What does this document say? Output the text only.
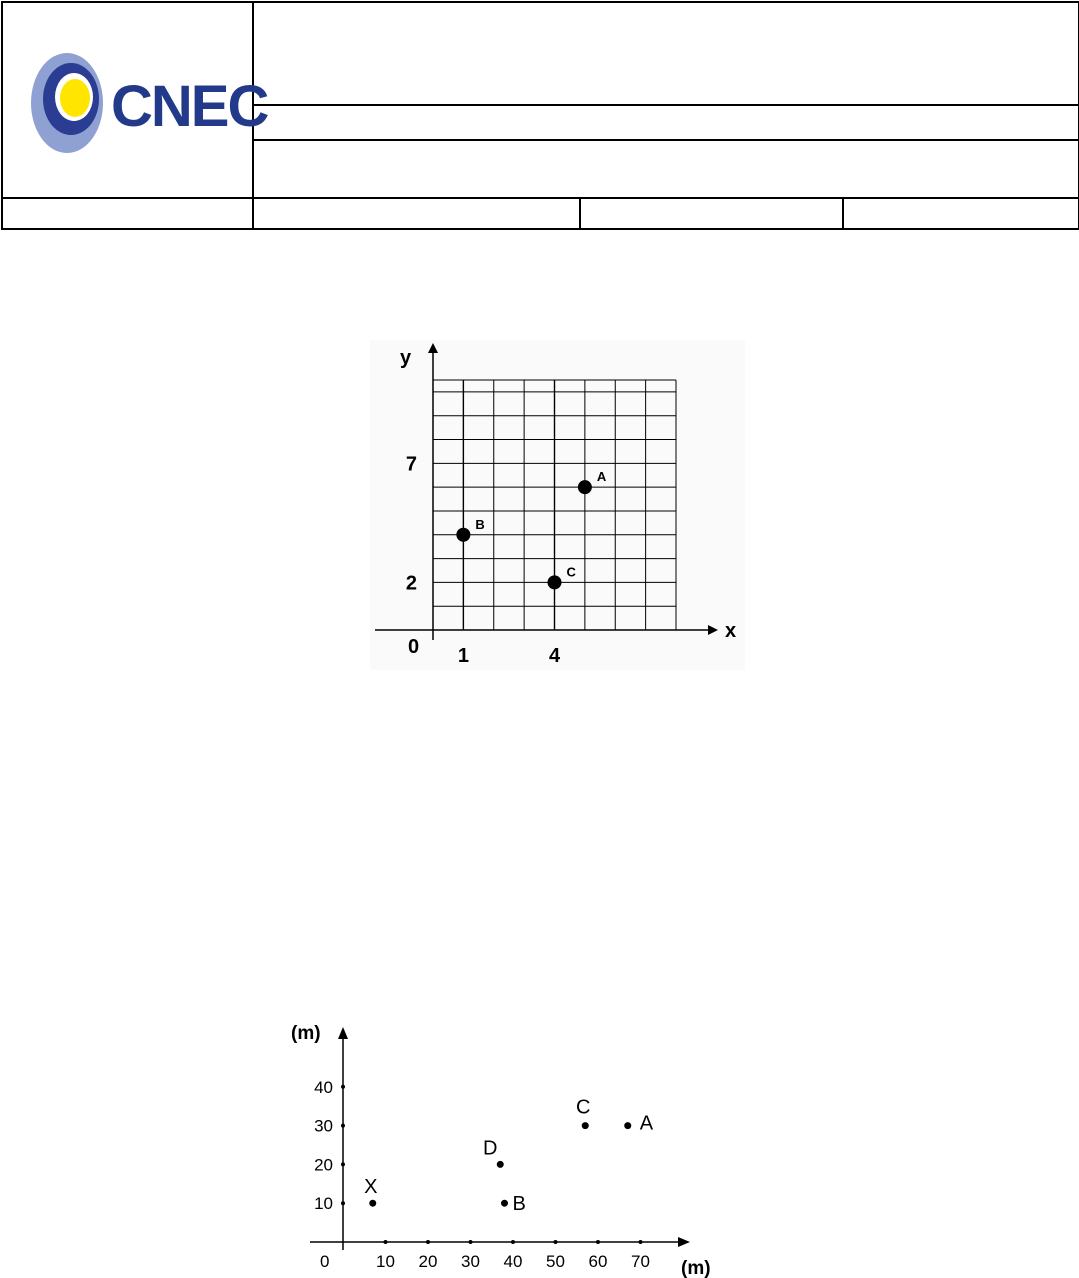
CNEC			

x
y
0 1	4
2
7
A
B
C
(m)
(m)
0	10 20 30 40 50 60 70
10
20
30
40
X
B
D
C
A
